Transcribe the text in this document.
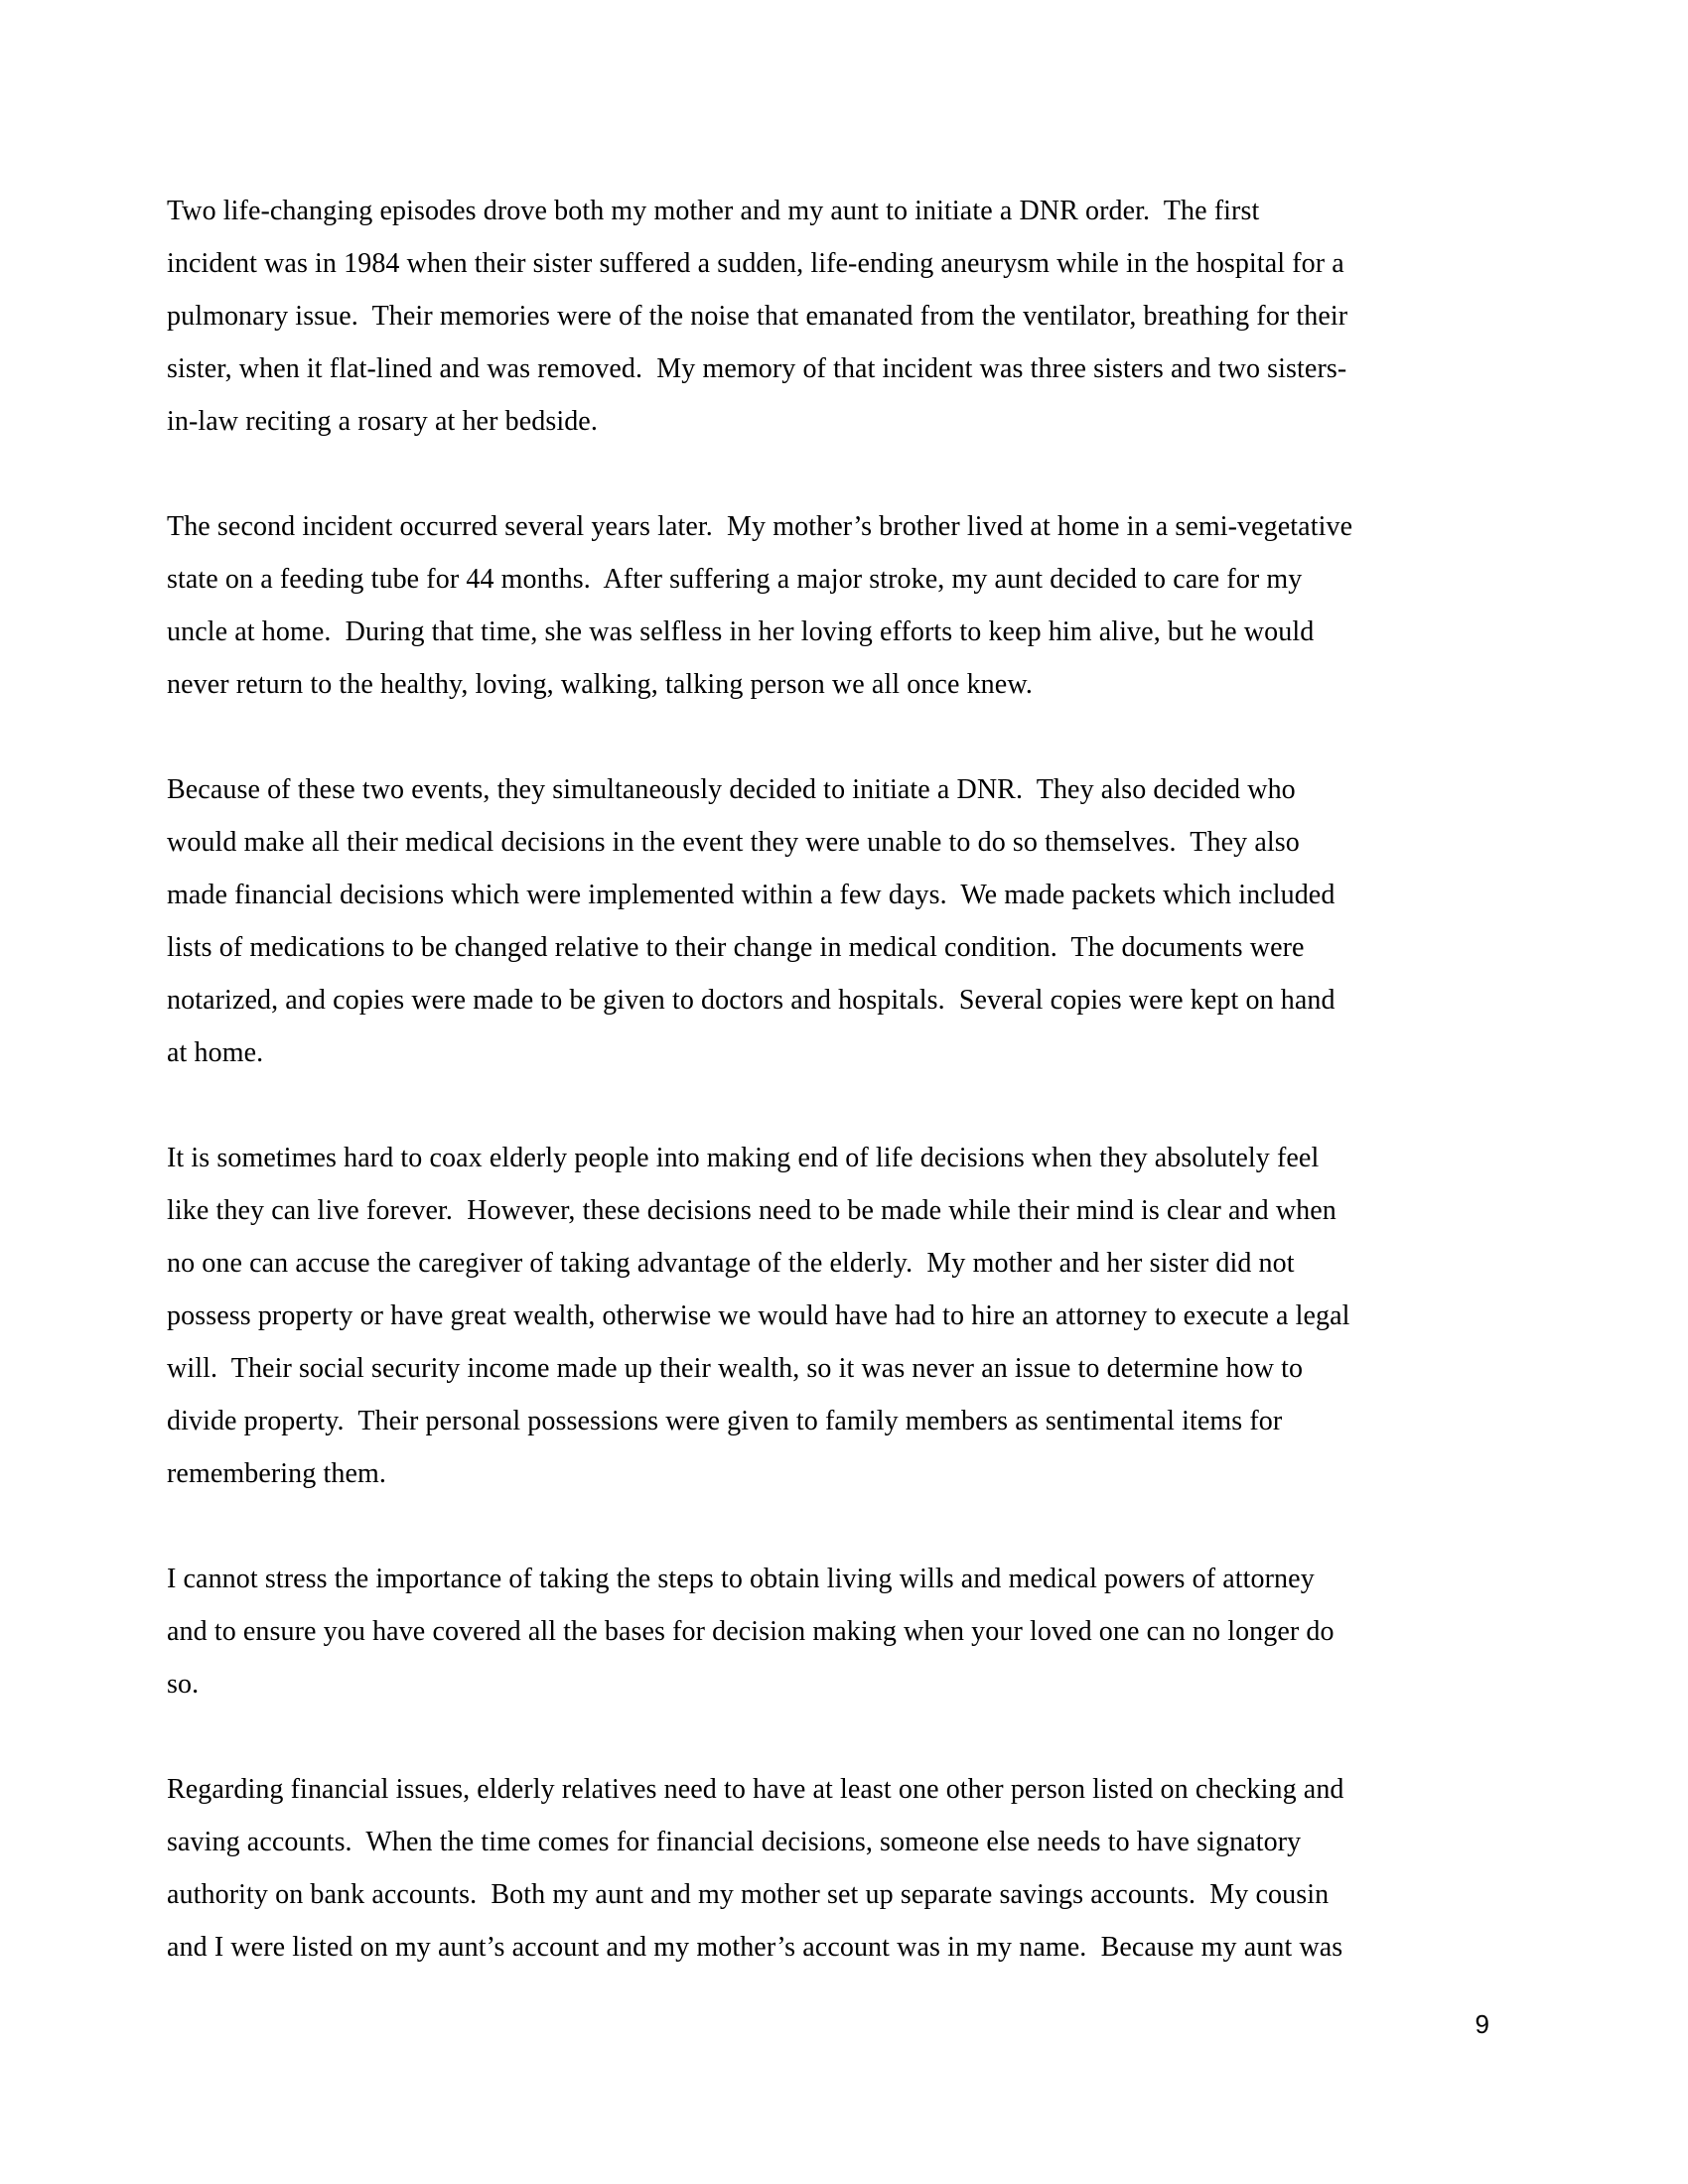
Two life-changing episodes drove both my mother and my aunt to initiate a DNR order.  The first
incident was in 1984 when their sister suffered a sudden, life-ending aneurysm while in the hospital for a
pulmonary issue.  Their memories were of the noise that emanated from the ventilator, breathing for their
sister, when it flat-lined and was removed.  My memory of that incident was three sisters and two sisters-
in-law reciting a rosary at her bedside.

The second incident occurred several years later.  My mother’s brother lived at home in a semi-vegetative
state on a feeding tube for 44 months.  After suffering a major stroke, my aunt decided to care for my
uncle at home.  During that time, she was selfless in her loving efforts to keep him alive, but he would
never return to the healthy, loving, walking, talking person we all once knew.

Because of these two events, they simultaneously decided to initiate a DNR.  They also decided who
would make all their medical decisions in the event they were unable to do so themselves.  They also
made financial decisions which were implemented within a few days.  We made packets which included
lists of medications to be changed relative to their change in medical condition.  The documents were
notarized, and copies were made to be given to doctors and hospitals.  Several copies were kept on hand
at home.

It is sometimes hard to coax elderly people into making end of life decisions when they absolutely feel
like they can live forever.  However, these decisions need to be made while their mind is clear and when
no one can accuse the caregiver of taking advantage of the elderly.  My mother and her sister did not
possess property or have great wealth, otherwise we would have had to hire an attorney to execute a legal
will.  Their social security income made up their wealth, so it was never an issue to determine how to
divide property.  Their personal possessions were given to family members as sentimental items for
remembering them.

I cannot stress the importance of taking the steps to obtain living wills and medical powers of attorney
and to ensure you have covered all the bases for decision making when your loved one can no longer do
so.

Regarding financial issues, elderly relatives need to have at least one other person listed on checking and
saving accounts.  When the time comes for financial decisions, someone else needs to have signatory
authority on bank accounts.  Both my aunt and my mother set up separate savings accounts.  My cousin
and I were listed on my aunt’s account and my mother’s account was in my name.  Because my aunt was

9
